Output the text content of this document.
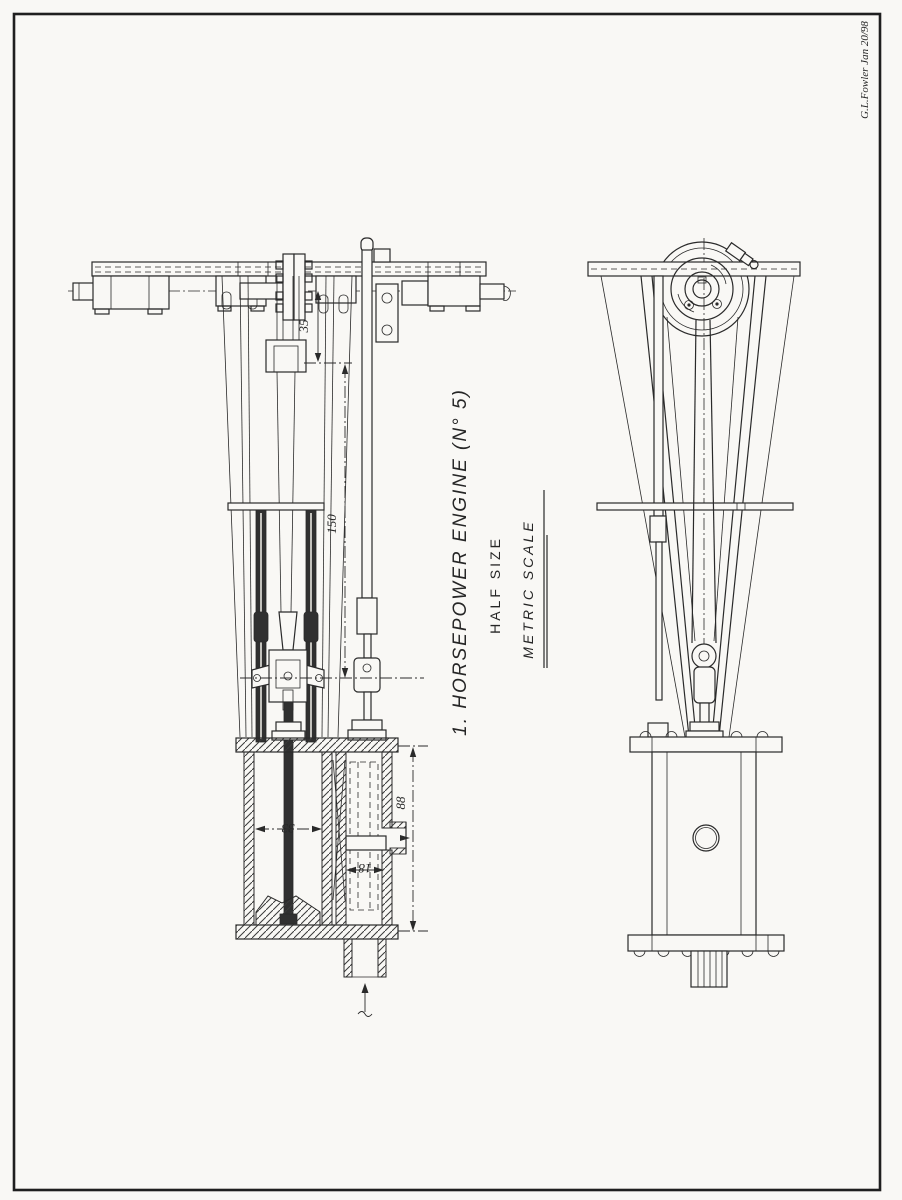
35
150
88
33
18
1. HORSEPOWER ENGINE (N° 5) HALF SIZE METRIC SCALE
G.L.Fowler Jan 20/98
